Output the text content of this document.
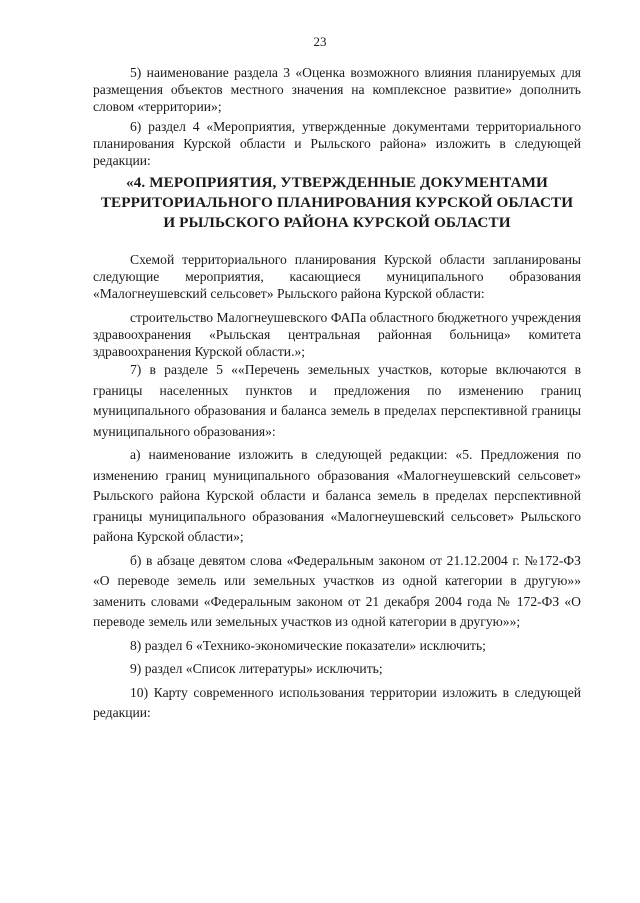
23

5) наименование раздела 3 «Оценка возможного влияния планируемых для размещения объектов местного значения на комплексное развитие» дополнить словом «территории»;

6) раздел 4 «Мероприятия, утвержденные документами территориального планирования Курской области и Рыльского района» изложить в следующей редакции:

«4. МЕРОПРИЯТИЯ, УТВЕРЖДЕННЫЕ ДОКУМЕНТАМИ ТЕРРИТОРИАЛЬНОГО ПЛАНИРОВАНИЯ КУРСКОЙ ОБЛАСТИ И РЫЛЬСКОГО РАЙОНА КУРСКОЙ ОБЛАСТИ

Схемой территориального планирования Курской области запланированы следующие мероприятия, касающиеся муниципального образования «Малогнеушевский сельсовет» Рыльского района Курской области:

строительство Малогнеушевского ФАПа областного бюджетного учреждения здравоохранения «Рыльская центральная районная больница» комитета здравоохранения Курской области.»;

7) в разделе 5 ««Перечень земельных участков, которые включаются в границы населенных пунктов и предложения по изменению границ муниципального образования и баланса земель в пределах перспективной границы муниципального образования»:

а) наименование изложить в следующей редакции: «5. Предложения по изменению границ муниципального образования «Малогнеушевский сельсовет» Рыльского района Курской области и баланса земель в пределах перспективной границы муниципального образования «Малогнеушевский сельсовет» Рыльского района Курской области»;

б) в абзаце девятом слова «Федеральным законом от 21.12.2004 г. №172-ФЗ «О переводе земель или земельных участков из одной категории в другую»» заменить словами «Федеральным законом от 21 декабря 2004 года № 172-ФЗ «О переводе земель или земельных участков из одной категории в другую»»;

8) раздел 6 «Технико-экономические показатели» исключить;

9) раздел «Список литературы» исключить;

10) Карту современного использования территории изложить в следующей редакции:
